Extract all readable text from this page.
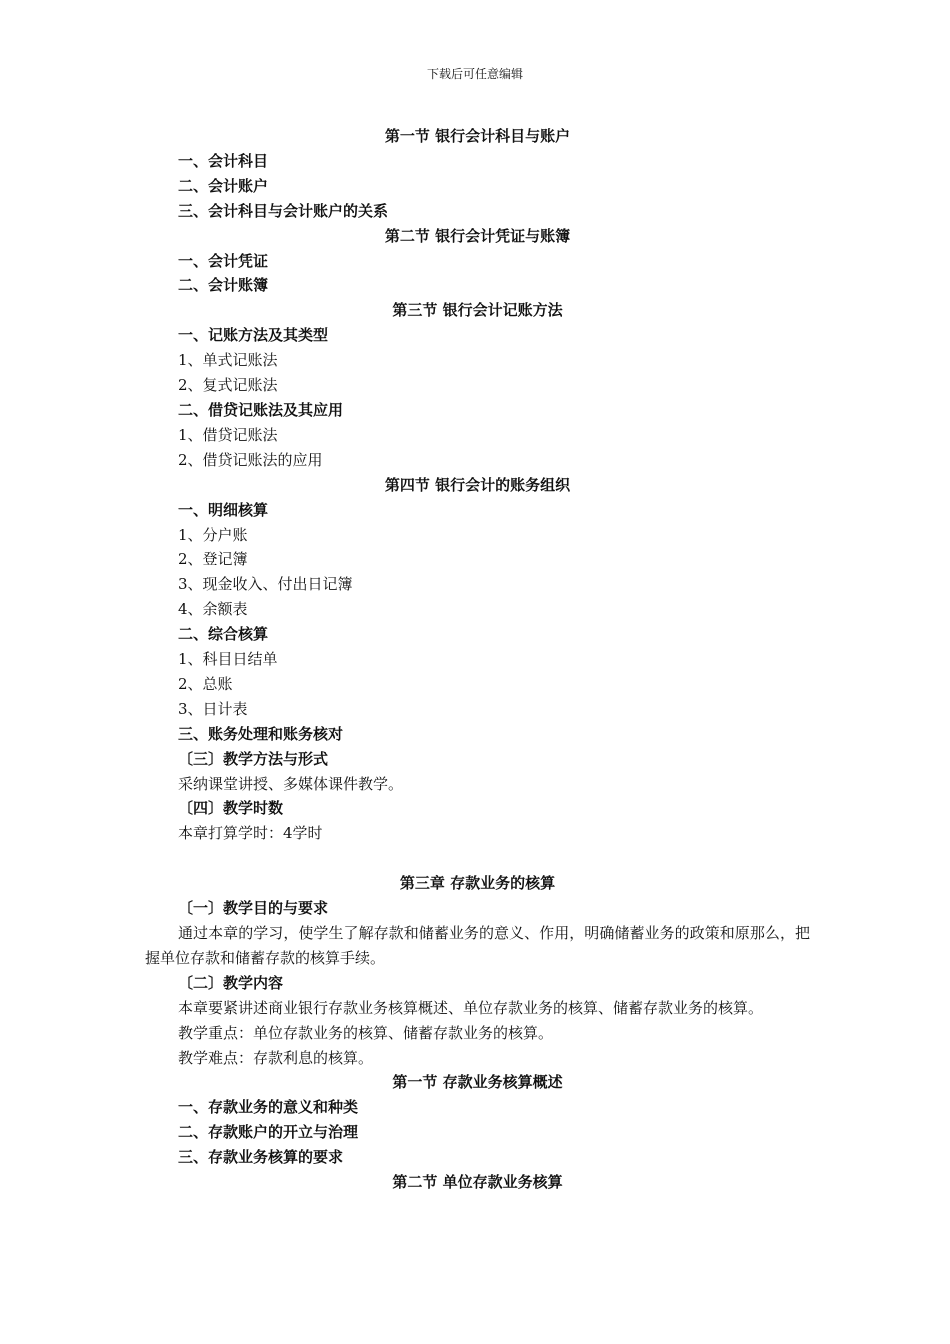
下载后可任意编辑
第一节 银行会计科目与账户
一、会计科目
二、会计账户
三、会计科目与会计账户的关系
第二节 银行会计凭证与账簿
一、会计凭证
二、会计账簿
第三节 银行会计记账方法
一、记账方法及其类型
1、单式记账法
2、复式记账法
二、借贷记账法及其应用
1、借贷记账法
2、借贷记账法的应用
第四节 银行会计的账务组织
一、明细核算
1、分户账
2、登记簿
3、现金收入、付出日记簿
4、余额表
二、综合核算
1、科目日结单
2、总账
3、日计表
三、账务处理和账务核对
〔三〕教学方法与形式
采纳课堂讲授、多媒体课件教学。
〔四〕教学时数
本章打算学时：4学时
第三章 存款业务的核算
〔一〕教学目的与要求
通过本章的学习，使学生了解存款和储蓄业务的意义、作用，明确储蓄业务的政策和原那么，把握单位存款和储蓄存款的核算手续。
〔二〕教学内容
本章要紧讲述商业银行存款业务核算概述、单位存款业务的核算、储蓄存款业务的核算。
教学重点：单位存款业务的核算、储蓄存款业务的核算。
教学难点：存款利息的核算。
第一节 存款业务核算概述
一、存款业务的意义和种类
二、存款账户的开立与治理
三、存款业务核算的要求
第二节 单位存款业务核算
